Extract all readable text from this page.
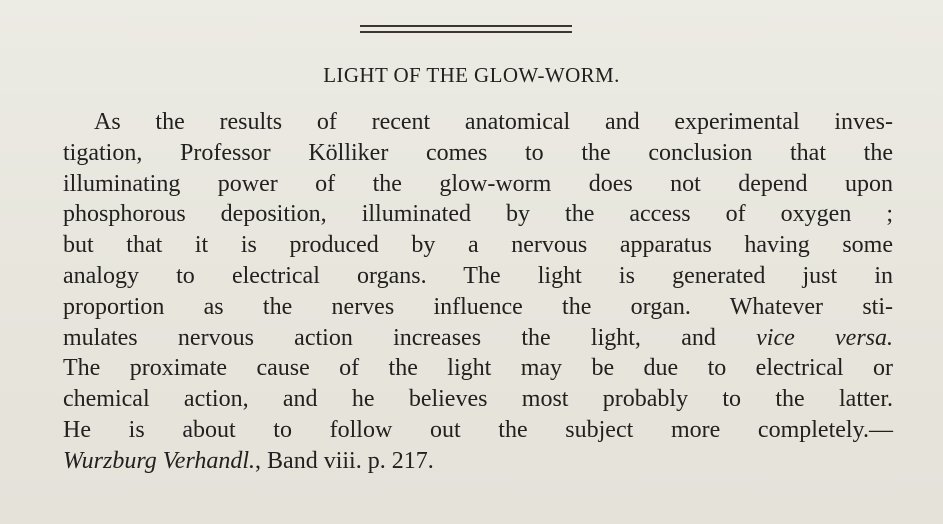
LIGHT OF THE GLOW-WORM.
As the results of recent anatomical and experimental inves-
tigation, Professor Kölliker comes to the conclusion that the
illuminating power of the glow-worm does not depend upon
phosphorous deposition, illuminated by the access of oxygen ;
but that it is produced by a nervous apparatus having some
analogy to electrical organs. The light is generated just in
proportion as the nerves influence the organ. Whatever sti-
mulates nervous action increases the light, and vice versa.
The proximate cause of the light may be due to electrical or
chemical action, and he believes most probably to the latter.
He is about to follow out the subject more completely.—
Wurzburg Verhandl., Band viii. p. 217.
